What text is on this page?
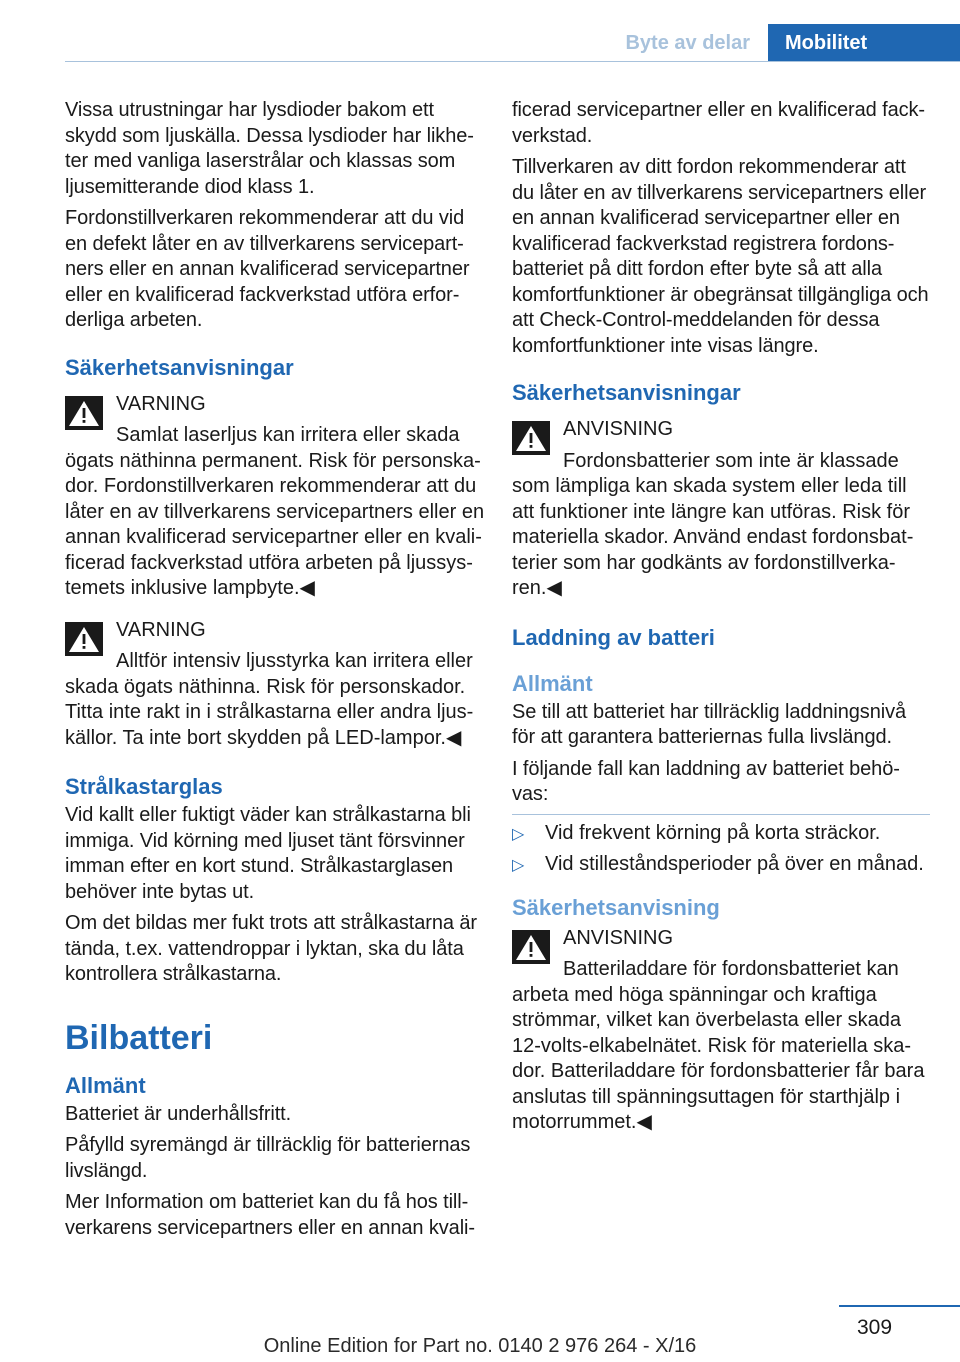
Byte av delar	Mobilitet

Vissa utrustningar har lysdioder bakom ett skydd som ljuskälla. Dessa lysdioder har likhe-ter med vanliga laserstrålar och klassas som ljusemitterande diod klass 1.

Fordonstillverkaren rekommenderar att du vid en defekt låter en av tillverkarens servicepart-ners eller en annan kvalificerad servicepartner eller en kvalificerad fackverkstad utföra erfor-derliga arbeten.

Säkerhetsanvisningar
VARNING
Samlat laserljus kan irritera eller skada
ögats näthinna permanent. Risk för personska-dor. Fordonstillverkaren rekommenderar att du låter en av tillverkarens servicepartners eller en annan kvalificerad servicepartner eller en kvali-ficerad fackverkstad utföra arbeten på ljussys-temets inklusive lampbyte.◀
VARNING
Alltför intensiv ljusstyrka kan irritera eller
skada ögats näthinna. Risk för personskador. Titta inte rakt in i strålkastarna eller andra ljus-källor. Ta inte bort skydden på LED-lampor.◀
Strålkastarglas

Vid kallt eller fuktigt väder kan strålkastarna bli immiga. Vid körning med ljuset tänt försvinner imman efter en kort stund. Strålkastarglasen behöver inte bytas ut.

Om det bildas mer fukt trots att strålkastarna är tända, t.ex. vattendroppar i lyktan, ska du låta kontrollera strålkastarna.

Bilbatteri
Allmänt

Batteriet är underhållsfritt.

Påfylld syremängd är tillräcklig för batteriernas livslängd.

Mer Information om batteriet kan du få hos till-verkarens servicepartners eller en annan kvali-

ficerad servicepartner eller en kvalificerad fack-verkstad.

Tillverkaren av ditt fordon rekommenderar att du låter en av tillverkarens servicepartners eller en annan kvalificerad servicepartner eller en kvalificerad fackverkstad registrera fordons-batteriet på ditt fordon efter byte så att alla komfortfunktioner är obegränsat tillgängliga och att Check-Control-meddelanden för dessa komfortfunktioner inte visas längre.

Säkerhetsanvisningar
ANVISNING
Fordonsbatterier som inte är klassade
som lämpliga kan skada system eller leda till att funktioner inte längre kan utföras. Risk för materiella skador. Använd endast fordonsbat-terier som har godkänts av fordonstillverka-ren.◀
Laddning av batteri
Allmänt

Se till att batteriet har tillräcklig laddningsnivå för att garantera batteriernas fulla livslängd.

I följande fall kan laddning av batteriet behö-vas:

▷ Vid frekvent körning på korta sträckor.
▷ Vid stilleståndsperioder på över en månad.
Säkerhetsanvisning
ANVISNING
Batteriladdare för fordonsbatteriet kan
arbeta med höga spänningar och kraftiga strömmar, vilket kan överbelasta eller skada 12-volts-elkabelnätet. Risk för materiella ska-dor. Batteriladdare för fordonsbatterier får bara anslutas till spänningsuttagen för starthjälp i motorrummet.◀
309
Online Edition for Part no. 0140 2 976 264 - X/16
